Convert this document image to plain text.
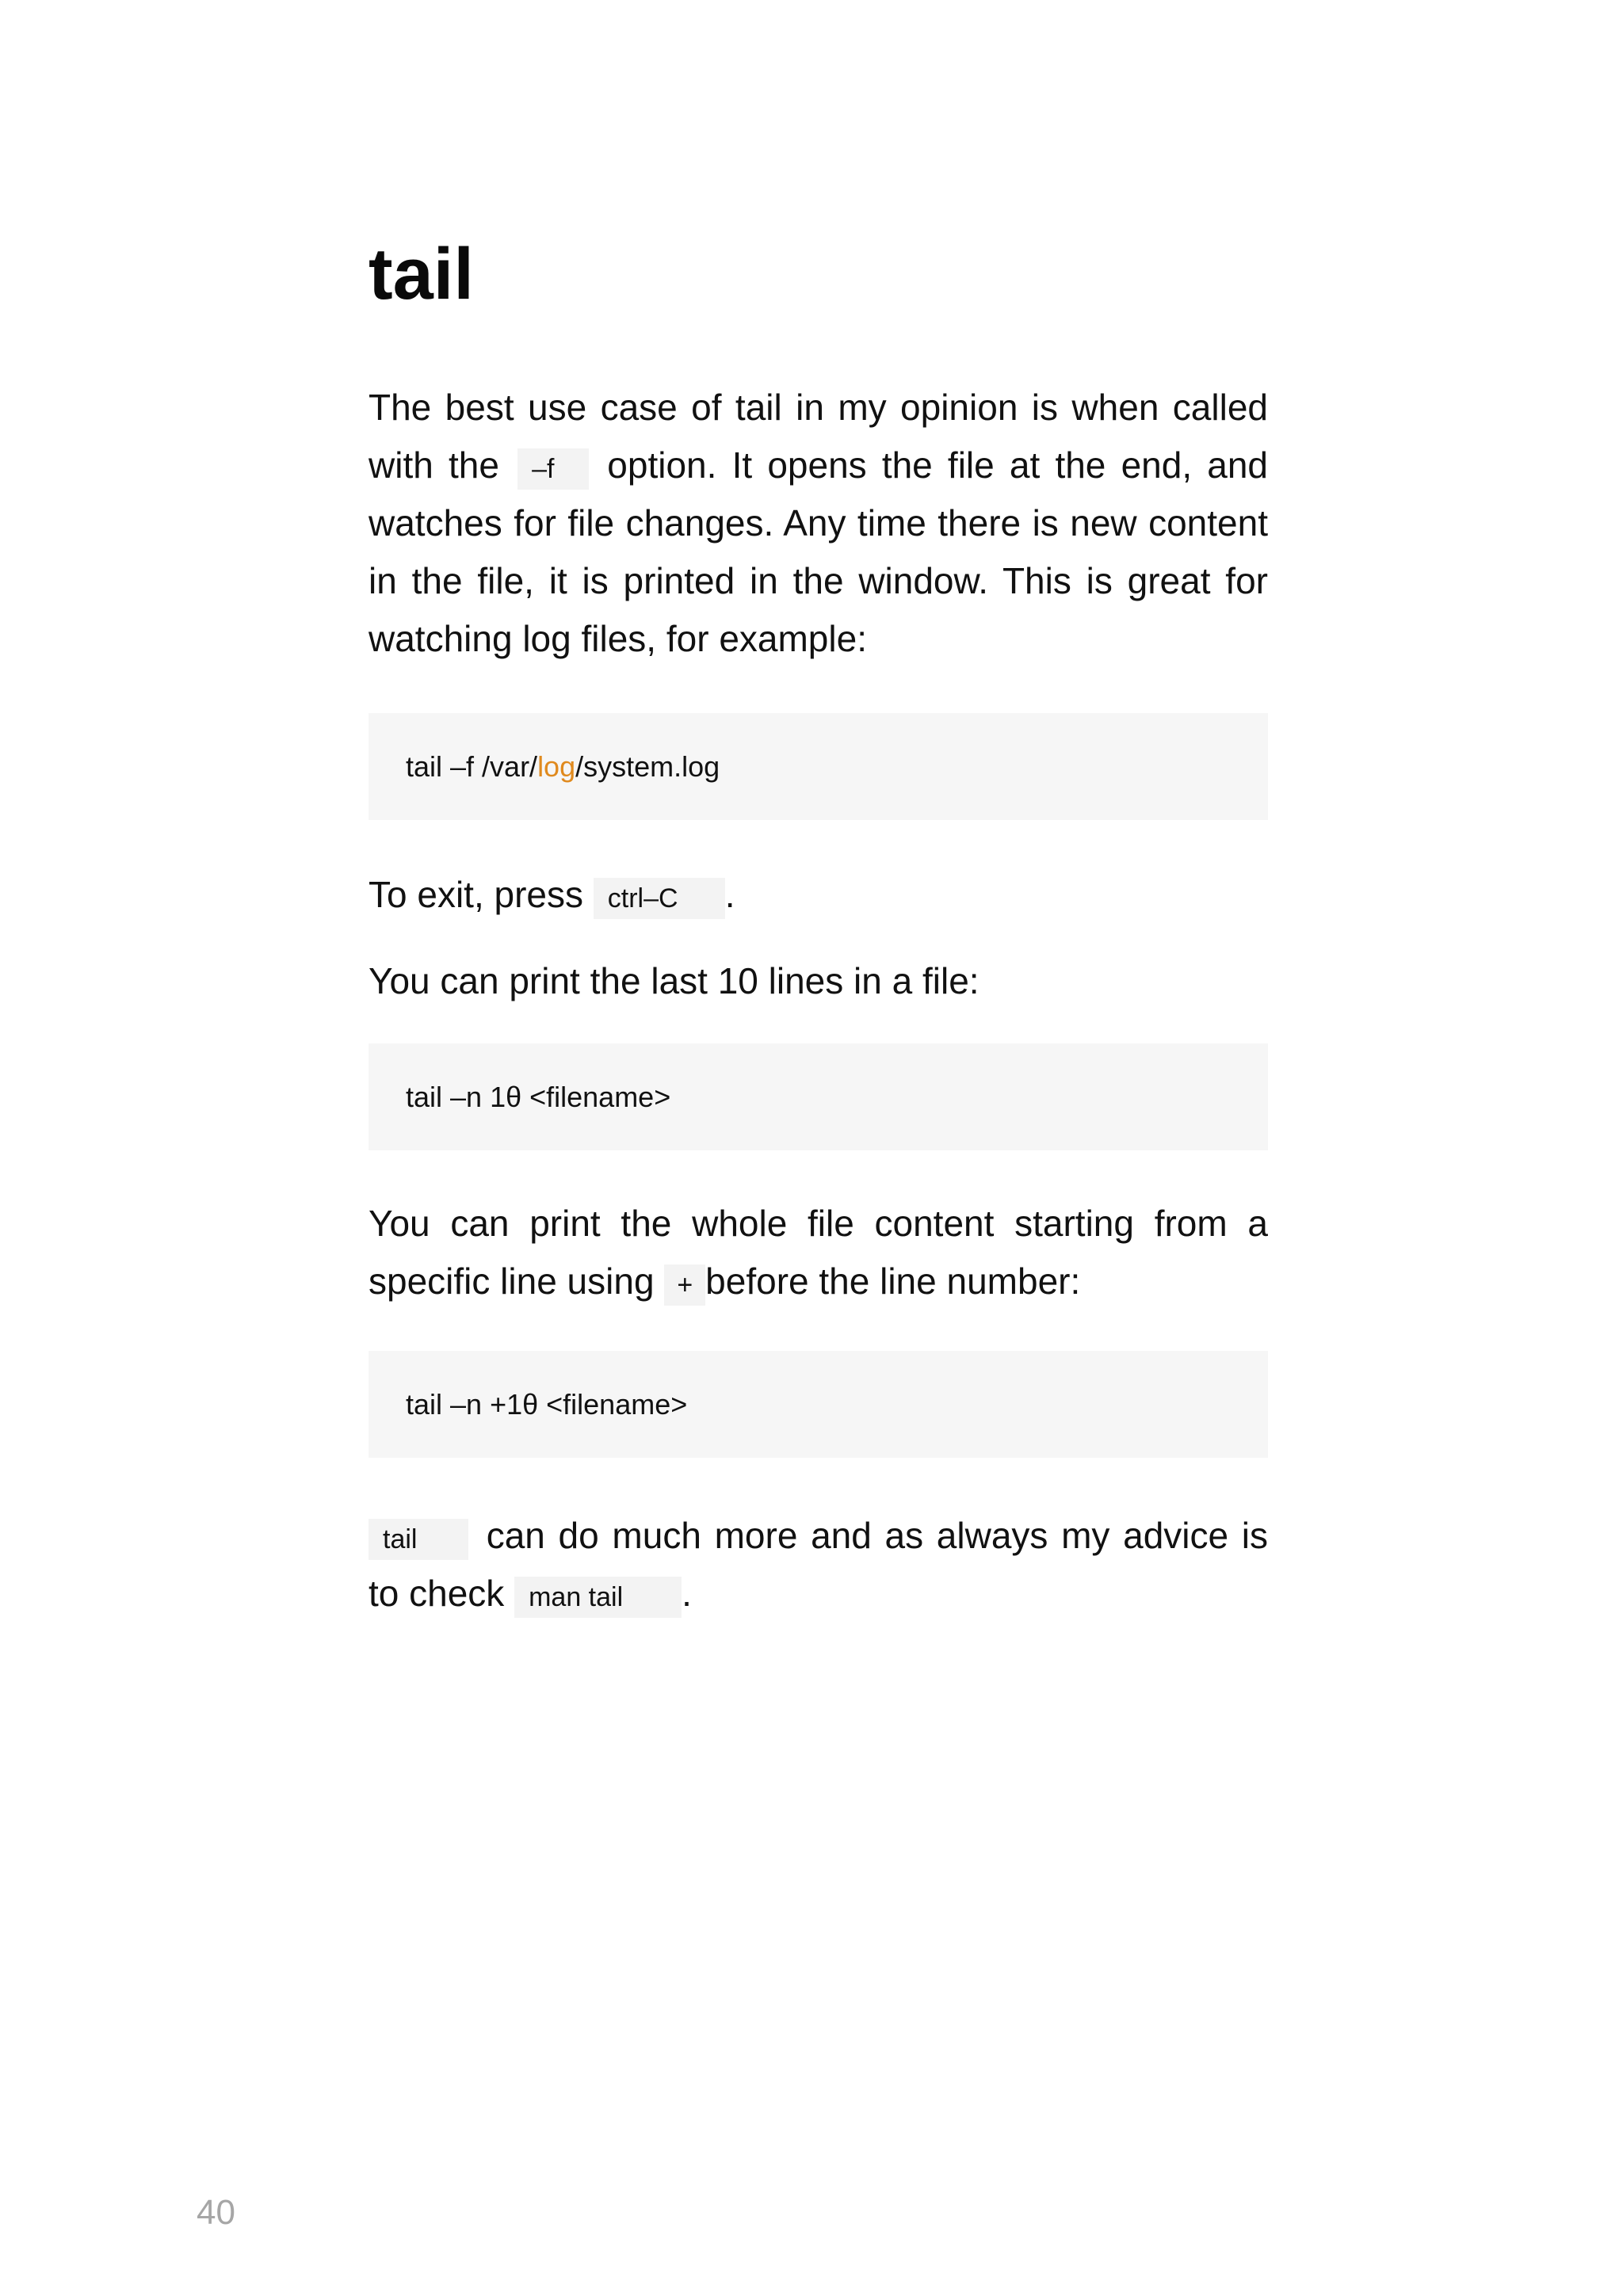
tail

The best use case of tail in my opinion is when called with the –f option. It opens the file at the end, and watches for file changes. Any time there is new content in the file, it is printed in the window. This is great for watching log files, for example:

tail –f /var/ log /system.log

To exit, press ctrl–C .

You can print the last 10 lines in a file:

tail –n 1θ <filename>

You can print the whole file content starting from a specific line using + before the line number:

tail –n +1θ <filename>

tail can do much more and as always my advice is to check man tail .

40
